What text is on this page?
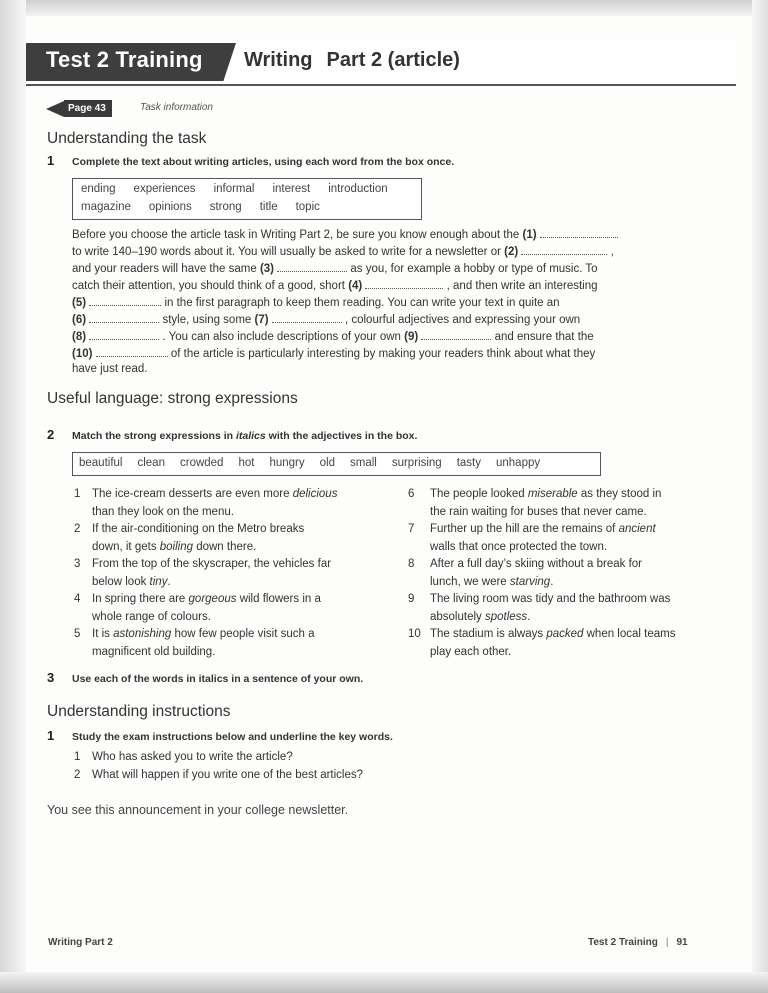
Test 2 Training Writing Part 2 (article)
Page 43	Task information
Understanding the task
1 Complete the text about writing articles, using each word from the box once.
ending experiences informal interest introduction
magazine opinions strong title topic
Before you choose the article task in Writing Part 2, be sure you know enough about the (1)
to write 140–190 words about it. You will usually be asked to write for a newsletter or (2)	,
and your readers will have the same (3)	as you, for example a hobby or type of music. To
catch their attention, you should think of a good, short (4)	, and then write an interesting
(5)	in the first paragraph to keep them reading. You can write your text in quite an
(6)	style, using some (7)	, colourful adjectives and expressing your own
(8)	. You can also include descriptions of your own (9)	and ensure that the
(10)	of the article is particularly interesting by making your readers think about what they
have just read.
Useful language: strong expressions
2 Match the strong expressions in italics with the adjectives in the box.
beautiful clean crowded hot hungry old small surprising tasty unhappy
1 The ice-cream desserts are even more delicious
than they look on the menu.
2 If the air-conditioning on the Metro breaks
down, it gets boiling down there.
3 From the top of the skyscraper, the vehicles far
below look tiny.
4 In spring there are gorgeous wild flowers in a
whole range of colours.
5 It is astonishing how few people visit such a
magnificent old building.
6 The people looked miserable as they stood in
the rain waiting for buses that never came.
7 Further up the hill are the remains of ancient
walls that once protected the town.
8 After a full day’s skiing without a break for
lunch, we were starving.
9 The living room was tidy and the bathroom was
absolutely spotless.
10 The stadium is always packed when local teams
play each other.
3 Use each of the words in italics in a sentence of your own.
Understanding instructions
1 Study the exam instructions below and underline the key words.
1 Who has asked you to write the article?
2 What will happen if you write one of the best articles?
You see this announcement in your college newsletter.
Writing Part 2	Test 2 Training | 91
